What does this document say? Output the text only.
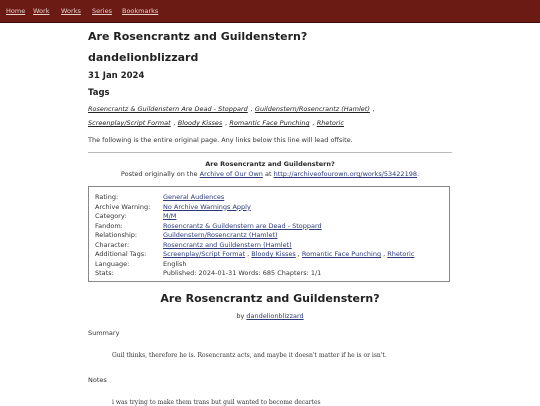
Home Work Works Series Bookmarks
Are Rosencrantz and Guildenstern?
dandelionblizzard
31 Jan 2024
Tags
Rosencrantz & Guildenstern Are Dead - Stoppard , Guildenstern/Rosencrantz (Hamlet) ,
Screenplay/Script Format , Bloody Kisses , Romantic Face Punching , Rhetoric
The following is the entire original page. Any links below this line will lead offsite.
Are Rosencrantz and Guildenstern?
Posted originally on the Archive of Our Own at http://archiveofourown.org/works/53422198.
Rating:	General Audiences
Archive Warning:	No Archive Warnings Apply
Category:	M/M
Fandom:	Rosencrantz & Guildenstern are Dead - Stoppard
Relationship:	Guildenstern/Rosencrantz (Hamlet)
Character:	Rosencrantz and Guildenstern (Hamlet)
Additional Tags:	Screenplay/Script Format , Bloody Kisses , Romantic Face Punching , Rhetoric
Language:	English
Stats:	Published: 2024-01-31 Words: 685 Chapters: 1/1
Are Rosencrantz and Guildenstern?
by dandelionblizzard
Summary
Guil thinks, therefore he is. Rosencrantz acts, and maybe it doesn't matter if he is or isn't.
Notes
i was trying to make them trans but guil wanted to become decartes
